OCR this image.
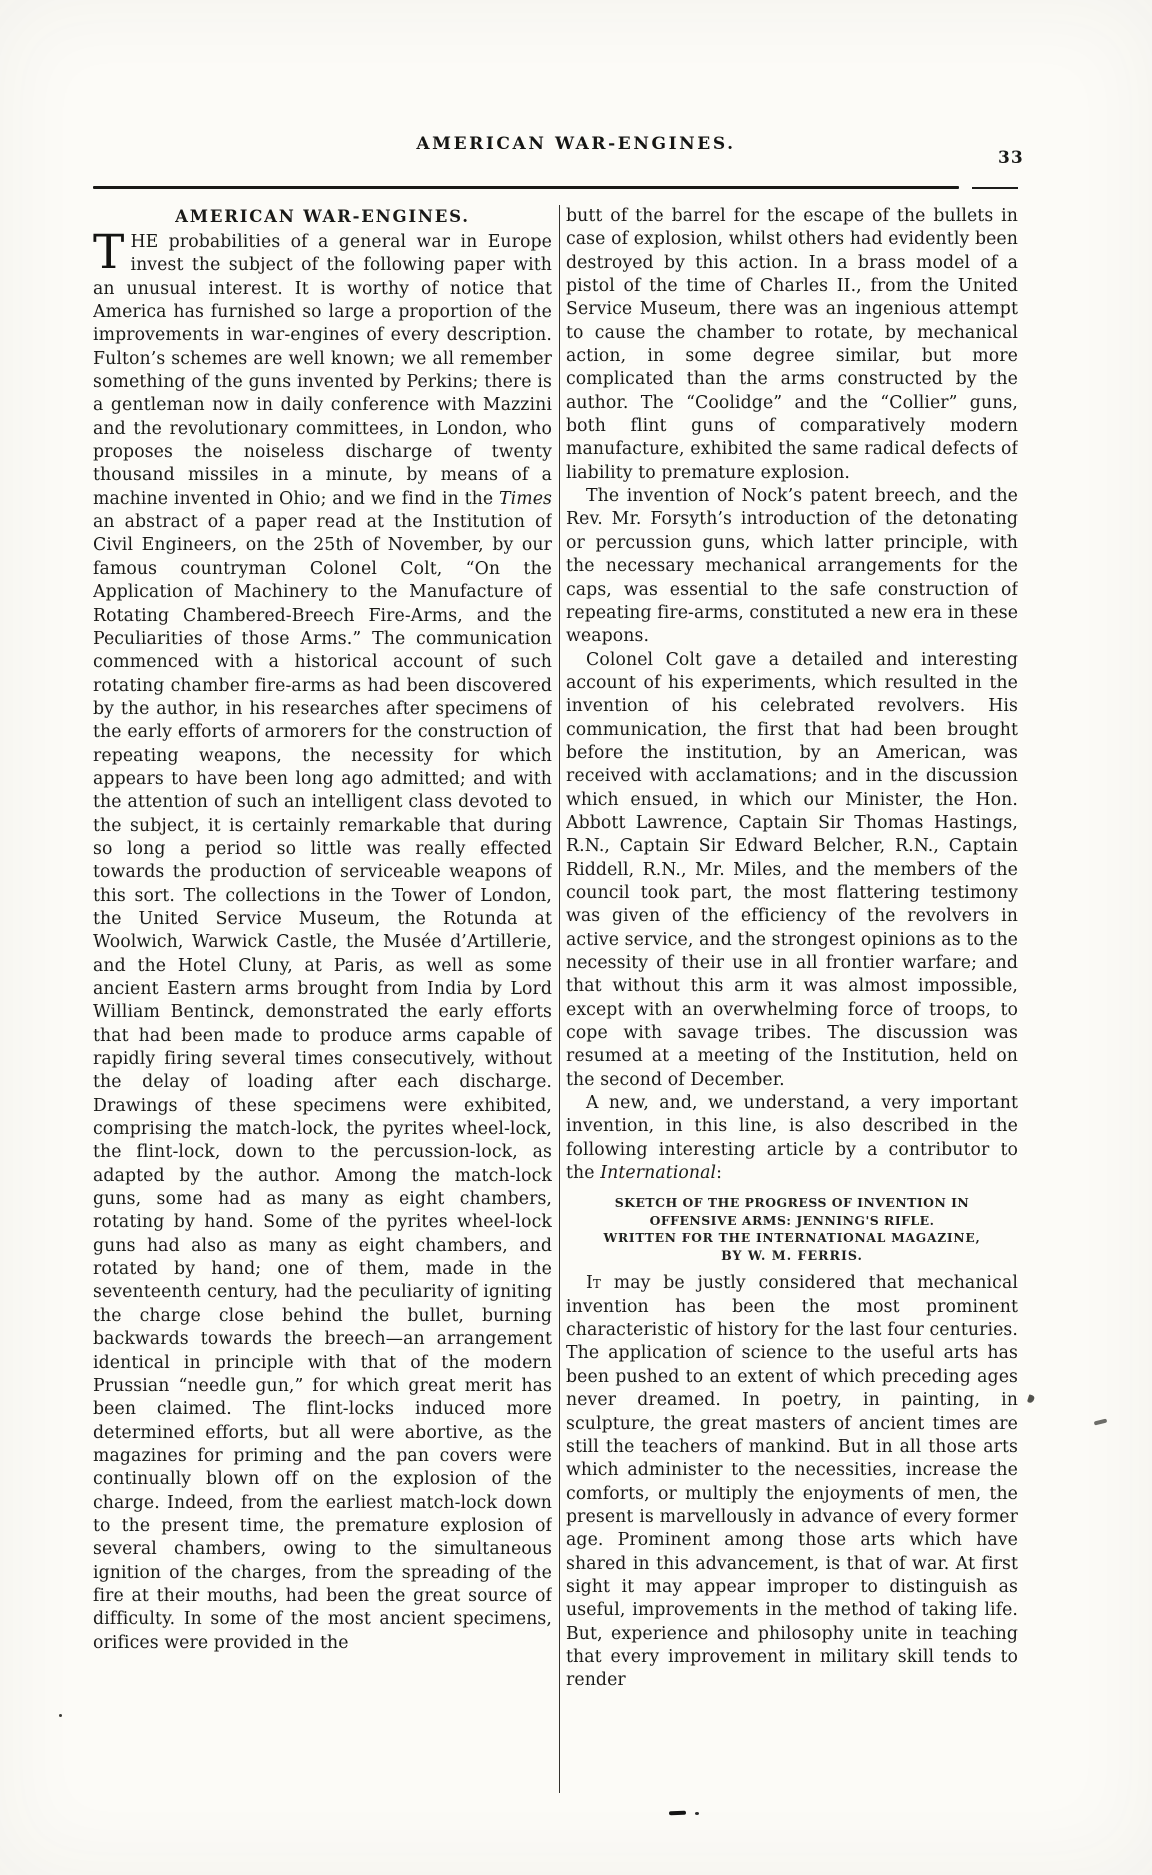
AMERICAN WAR-ENGINES.
33
AMERICAN WAR-ENGINES.

THE probabilities of a general war in Europe invest the subject of the following paper with an unusual interest. It is worthy of notice that America has furnished so large a proportion of the improvements in war-engines of every description. Fulton’s schemes are well known; we all remember something of the guns invented by Perkins; there is a gentleman now in daily conference with Mazzini and the revolutionary committees, in London, who proposes the noiseless discharge of twenty thousand missiles in a minute, by means of a machine invented in Ohio; and we find in the Times an abstract of a paper read at the Institution of Civil Engineers, on the 25th of November, by our famous countryman Colonel Colt, “On the Application of Machinery to the Manufacture of Rotating Chambered-Breech Fire-Arms, and the Peculiarities of those Arms.” The communication commenced with a historical account of such rotating chamber fire-arms as had been discovered by the author, in his researches after specimens of the early efforts of armorers for the construction of repeating weapons, the necessity for which appears to have been long ago admitted; and with the attention of such an intelligent class devoted to the subject, it is certainly remarkable that during so long a period so little was really effected towards the production of serviceable weapons of this sort. The collections in the Tower of London, the United Service Museum, the Rotunda at Woolwich, Warwick Castle, the Musée d’Artillerie, and the Hotel Cluny, at Paris, as well as some ancient Eastern arms brought from India by Lord William Bentinck, demonstrated the early efforts that had been made to produce arms capable of rapidly firing several times consecutively, without the delay of loading after each discharge. Drawings of these specimens were exhibited, comprising the match-lock, the pyrites wheel-lock, the flint-lock, down to the percussion-lock, as adapted by the author. Among the match-lock guns, some had as many as eight chambers, rotating by hand. Some of the pyrites wheel-lock guns had also as many as eight chambers, and rotated by hand; one of them, made in the seventeenth century, had the peculiarity of igniting the charge close behind the bullet, burning backwards towards the breech—an arrangement identical in principle with that of the modern Prussian “needle gun,” for which great merit has been claimed. The flint-locks induced more determined efforts, but all were abortive, as the magazines for priming and the pan covers were continually blown off on the explosion of the charge. Indeed, from the earliest match-lock down to the present time, the premature explosion of several chambers, owing to the simultaneous ignition of the charges, from the spreading of the fire at their mouths, had been the great source of difficulty. In some of the most ancient specimens, orifices were provided in the

butt of the barrel for the escape of the bullets in case of explosion, whilst others had evidently been destroyed by this action. In a brass model of a pistol of the time of Charles II., from the United Service Museum, there was an ingenious attempt to cause the chamber to rotate, by mechanical action, in some degree similar, but more complicated than the arms constructed by the author. The “Coolidge” and the “Collier” guns, both flint guns of comparatively modern manufacture, exhibited the same radical defects of liability to premature explosion.

The invention of Nock’s patent breech, and the Rev. Mr. Forsyth’s introduction of the detonating or percussion guns, which latter principle, with the necessary mechanical arrangements for the caps, was essential to the safe construction of repeating fire-arms, constituted a new era in these weapons.

Colonel Colt gave a detailed and interesting account of his experiments, which resulted in the invention of his celebrated revolvers. His communication, the first that had been brought before the institution, by an American, was received with acclamations; and in the discussion which ensued, in which our Minister, the Hon. Abbott Lawrence, Captain Sir Thomas Hastings, R.N., Captain Sir Edward Belcher, R.N., Captain Riddell, R.N., Mr. Miles, and the members of the council took part, the most flattering testimony was given of the efficiency of the revolvers in active service, and the strongest opinions as to the necessity of their use in all frontier warfare; and that without this arm it was almost impossible, except with an overwhelming force of troops, to cope with savage tribes. The discussion was resumed at a meeting of the Institution, held on the second of December.

A new, and, we understand, a very important invention, in this line, is also described in the following interesting article by a contributor to the International:

SKETCH OF THE PROGRESS OF INVENTION IN OFFENSIVE ARMS: JENNING'S RIFLE.
WRITTEN FOR THE INTERNATIONAL MAGAZINE,
BY W. M. FERRIS.

It may be justly considered that mechanical invention has been the most prominent characteristic of history for the last four centuries. The application of science to the useful arts has been pushed to an extent of which preceding ages never dreamed. In poetry, in painting, in sculpture, the great masters of ancient times are still the teachers of mankind. But in all those arts which administer to the necessities, increase the comforts, or multiply the enjoyments of men, the present is marvellously in advance of every former age. Prominent among those arts which have shared in this advancement, is that of war. At first sight it may appear improper to distinguish as useful, improvements in the method of taking life. But, experience and philosophy unite in teaching that every improvement in military skill tends to render
